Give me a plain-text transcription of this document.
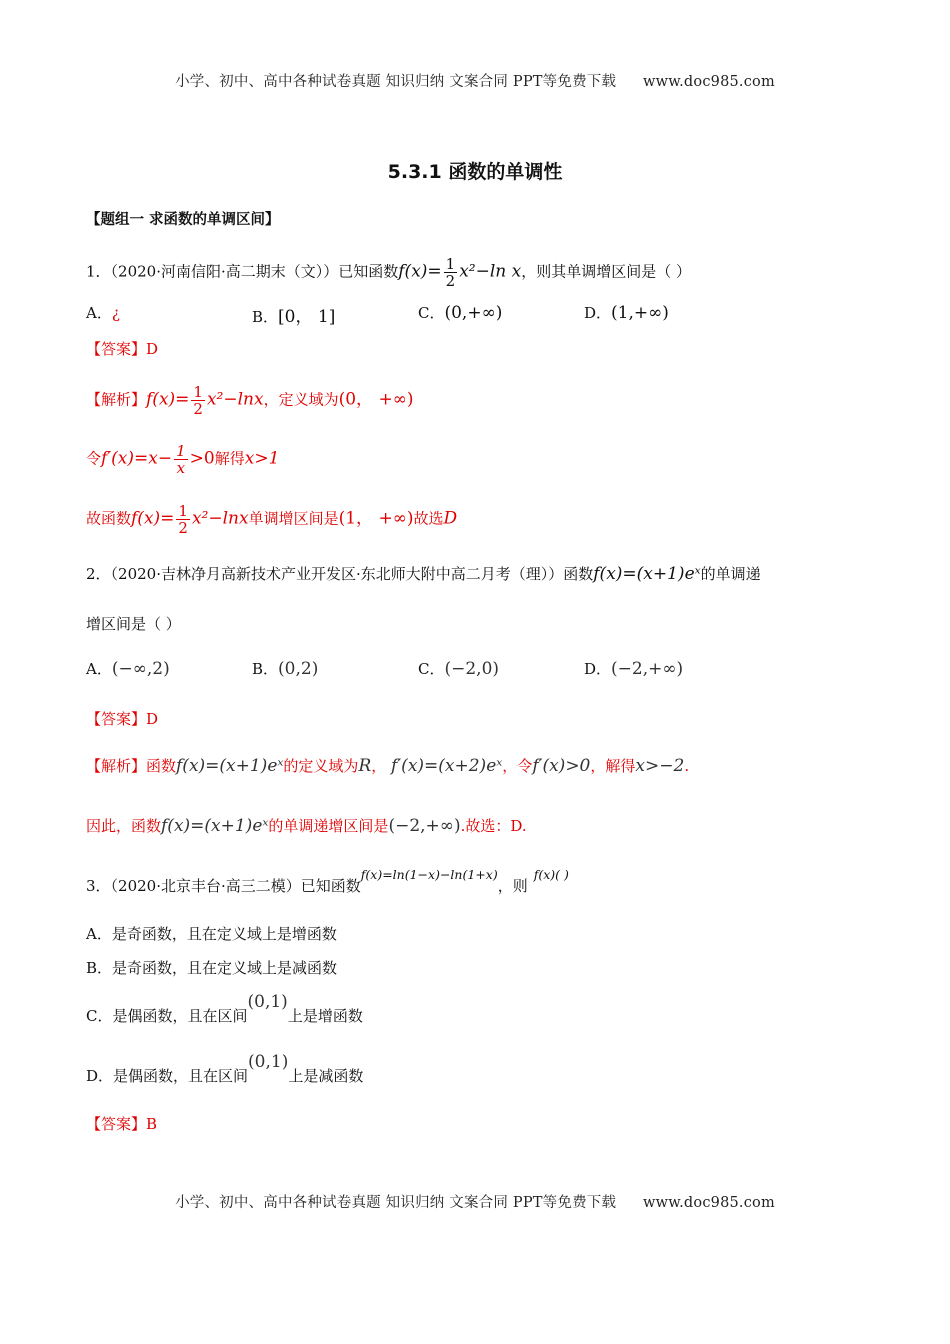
小学、初中、高中各种试卷真题 知识归纳 文案合同 PPT等免费下载 www.doc985.com
5.3.1 函数的单调性
【题组一 求函数的单调区间】
1．（2020·河南信阳·高二期末（文））已知函数$f(x)= \frac{1}{2} x^2-\ln$ x，则其单调增区间是（ ）
A．¿	B．[0， 1]	C．(0,+∞)	D．(1,+∞)
【答案】D
【解析】$f(x)= \frac{1}{2} x^2-\ln x$，定义域为(0， +∞)
令$f'(x)=x- \frac{1}{x} >0$解得x>1
故函数$f(x)= \frac{1}{2} x^2-\ln x$单调增区间是(1， +∞)故选D
2．（2020·吉林净月高新技术产业开发区·东北师大附中高二月考（理））函数f(x)=(x+1)eˣ的单调递
增区间是（ ）
A．(−∞,2)	B．(0,2)	C．(−2,0)	D．(−2,+∞)
【答案】D
【解析】函数f(x)=(x+1)eˣ的定义域为R， f′(x)=(x+2)eˣ，令f′(x)>0，解得x>−2.
因此，函数f(x)=(x+1)eˣ的单调递增区间是(−2,+∞).故选：D.
3．（2020·北京丰台·高三二模）已知函数$^{f(x)=ln(1-x)-ln(1+x)}$，则$^{f(x)( )}$
A．是奇函数，且在定义域上是增函数
B．是奇函数，且在定义域上是减函数
C．是偶函数，且在区间(0,1)上是增函数
D．是偶函数，且在区间(0,1)上是减函数
【答案】B
小学、初中、高中各种试卷真题 知识归纳 文案合同 PPT等免费下载 www.doc985.com
